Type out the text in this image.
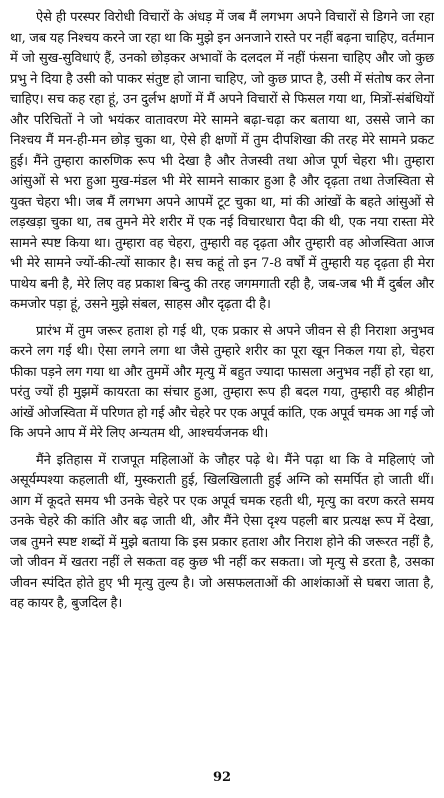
ऐसे ही परस्पर विरोधी विचारों के अंधड़ में जब मैं लगभग अपने विचारों से डिगने जा रहा था, जब यह निश्चय करने जा रहा था कि मुझे इन अनजाने रास्ते पर नहीं बढ़ना चाहिए, वर्तमान में जो सुख-सुविधाएं हैं, उनको छोड़कर अभावों के दलदल में नहीं फंसना चाहिए और जो कुछ प्रभु ने दिया है उसी को पाकर संतुष्ट हो जाना चाहिए, जो कुछ प्राप्त है, उसी में संतोष कर लेना चाहिए। सच कह रहा हूं, उन दुर्लभ क्षणों में मैं अपने विचारों से फिसल गया था, मित्रों-संबंधियों और परिचितों ने जो भयंकर वातावरण मेरे सामने बढ़ा-चढ़ा कर बताया था, उससे जाने का निश्चय मैं मन-ही-मन छोड़ चुका था, ऐसे ही क्षणों में तुम दीपशिखा की तरह मेरे सामने प्रकट हुई। मैंने तुम्हारा कारुणिक रूप भी देखा है और तेजस्वी तथा ओज पूर्ण चेहरा भी। तुम्हारा आंसुओं से भरा हुआ मुख-मंडल भी मेरे सामने साकार हुआ है और दृढ़ता तथा तेजस्विता से युक्त चेहरा भी। जब मैं लगभग अपने आपमें टूट चुका था, मां की आंखों के बहते आंसुओं से लड़खड़ा चुका था, तब तुमने मेरे शरीर में एक नई विचारधारा पैदा की थी, एक नया रास्ता मेरे सामने स्पष्ट किया था। तुम्हारा वह चेहरा, तुम्हारी वह दृढ़ता और तुम्हारी वह ओजस्विता आज भी मेरे सामने ज्यों-की-त्यों साकार है। सच कहूं तो इन 7-8 वर्षों में तुम्हारी यह दृढ़ता ही मेरा पाथेय बनी है, मेरे लिए वह प्रकाश बिन्दु की तरह जगमगाती रही है, जब-जब भी मैं दुर्बल और कमजोर पड़ा हूं, उसने मुझे संबल, साहस और दृढ़ता दी है।

प्रारंभ में तुम जरूर हताश हो गई थी, एक प्रकार से अपने जीवन से ही निराशा अनुभव करने लग गई थी। ऐसा लगने लगा था जैसे तुम्हारे शरीर का पूरा खून निकल गया हो, चेहरा फीका पड़ने लग गया था और तुममें और मृत्यु में बहुत ज्यादा फासला अनुभव नहीं हो रहा था, परंतु ज्यों ही मुझमें कायरता का संचार हुआ, तुम्हारा रूप ही बदल गया, तुम्हारी वह श्रीहीन आंखें ओजस्विता में परिणत हो गई और चेहरे पर एक अपूर्व कांति, एक अपूर्व चमक आ गई जो कि अपने आप में मेरे लिए अन्यतम थी, आश्चर्यजनक थी।

मैंने इतिहास में राजपूत महिलाओं के जौहर पढ़े थे। मैंने पढ़ा था कि वे महिलाएं जो असूर्यम्पश्या कहलाती थीं, मुस्कराती हुई, खिलखिलाती हुई अग्नि को समर्पित हो जाती थीं। आग में कूदते समय भी उनके चेहरे पर एक अपूर्व चमक रहती थी, मृत्यु का वरण करते समय उनके चेहरे की कांति और बढ़ जाती थी, और मैंने ऐसा दृश्य पहली बार प्रत्यक्ष रूप में देखा, जब तुमने स्पष्ट शब्दों में मुझे बताया कि इस प्रकार हताश और निराश होने की जरूरत नहीं है, जो जीवन में खतरा नहीं ले सकता वह कुछ भी नहीं कर सकता। जो मृत्यु से डरता है, उसका जीवन स्पंदित होते हुए भी मृत्यु तुल्य है। जो असफलताओं की आशंकाओं से घबरा जाता है, वह कायर है, बुजदिल है।

92
